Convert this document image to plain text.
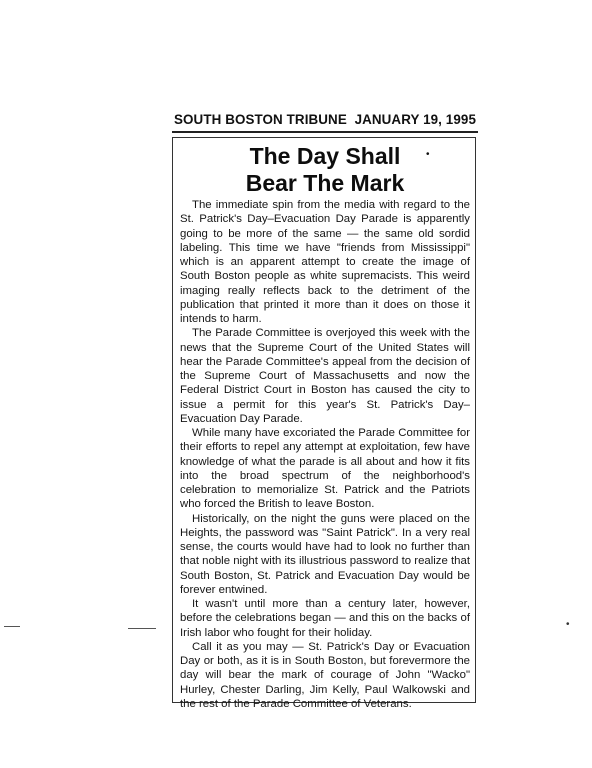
SOUTH BOSTON TRIBUNE JANUARY 19, 1995
The Day Shall
Bear The Mark
•

The immediate spin from the media with regard to the St. Patrick's Day–Evacuation Day Parade is apparently going to be more of the same — the same old sordid labeling. This time we have "friends from Mississippi" which is an apparent attempt to create the image of South Boston people as white supremacists. This weird imaging really reflects back to the detriment of the publication that printed it more than it does on those it intends to harm.

The Parade Committee is overjoyed this week with the news that the Supreme Court of the United States will hear the Parade Committee's appeal from the decision of the Supreme Court of Massachusetts and now the Federal District Court in Boston has caused the city to issue a permit for this year's St. Patrick's Day–Evacuation Day Parade.

While many have excoriated the Parade Committee for their efforts to repel any attempt at exploitation, few have knowledge of what the parade is all about and how it fits into the broad spectrum of the neighborhood's celebration to memorialize St. Patrick and the Patriots who forced the British to leave Boston.

Historically, on the night the guns were placed on the Heights, the password was "Saint Patrick". In a very real sense, the courts would have had to look no further than that noble night with its illustrious password to realize that South Boston, St. Patrick and Evacuation Day would be forever entwined.

It wasn't until more than a century later, however, before the celebrations began — and this on the backs of Irish labor who fought for their holiday.

Call it as you may — St. Patrick's Day or Evacuation Day or both, as it is in South Boston, but forevermore the day will bear the mark of courage of John "Wacko" Hurley, Chester Darling, Jim Kelly, Paul Walkowski and the rest of the Parade Committee of Veterans.

•
